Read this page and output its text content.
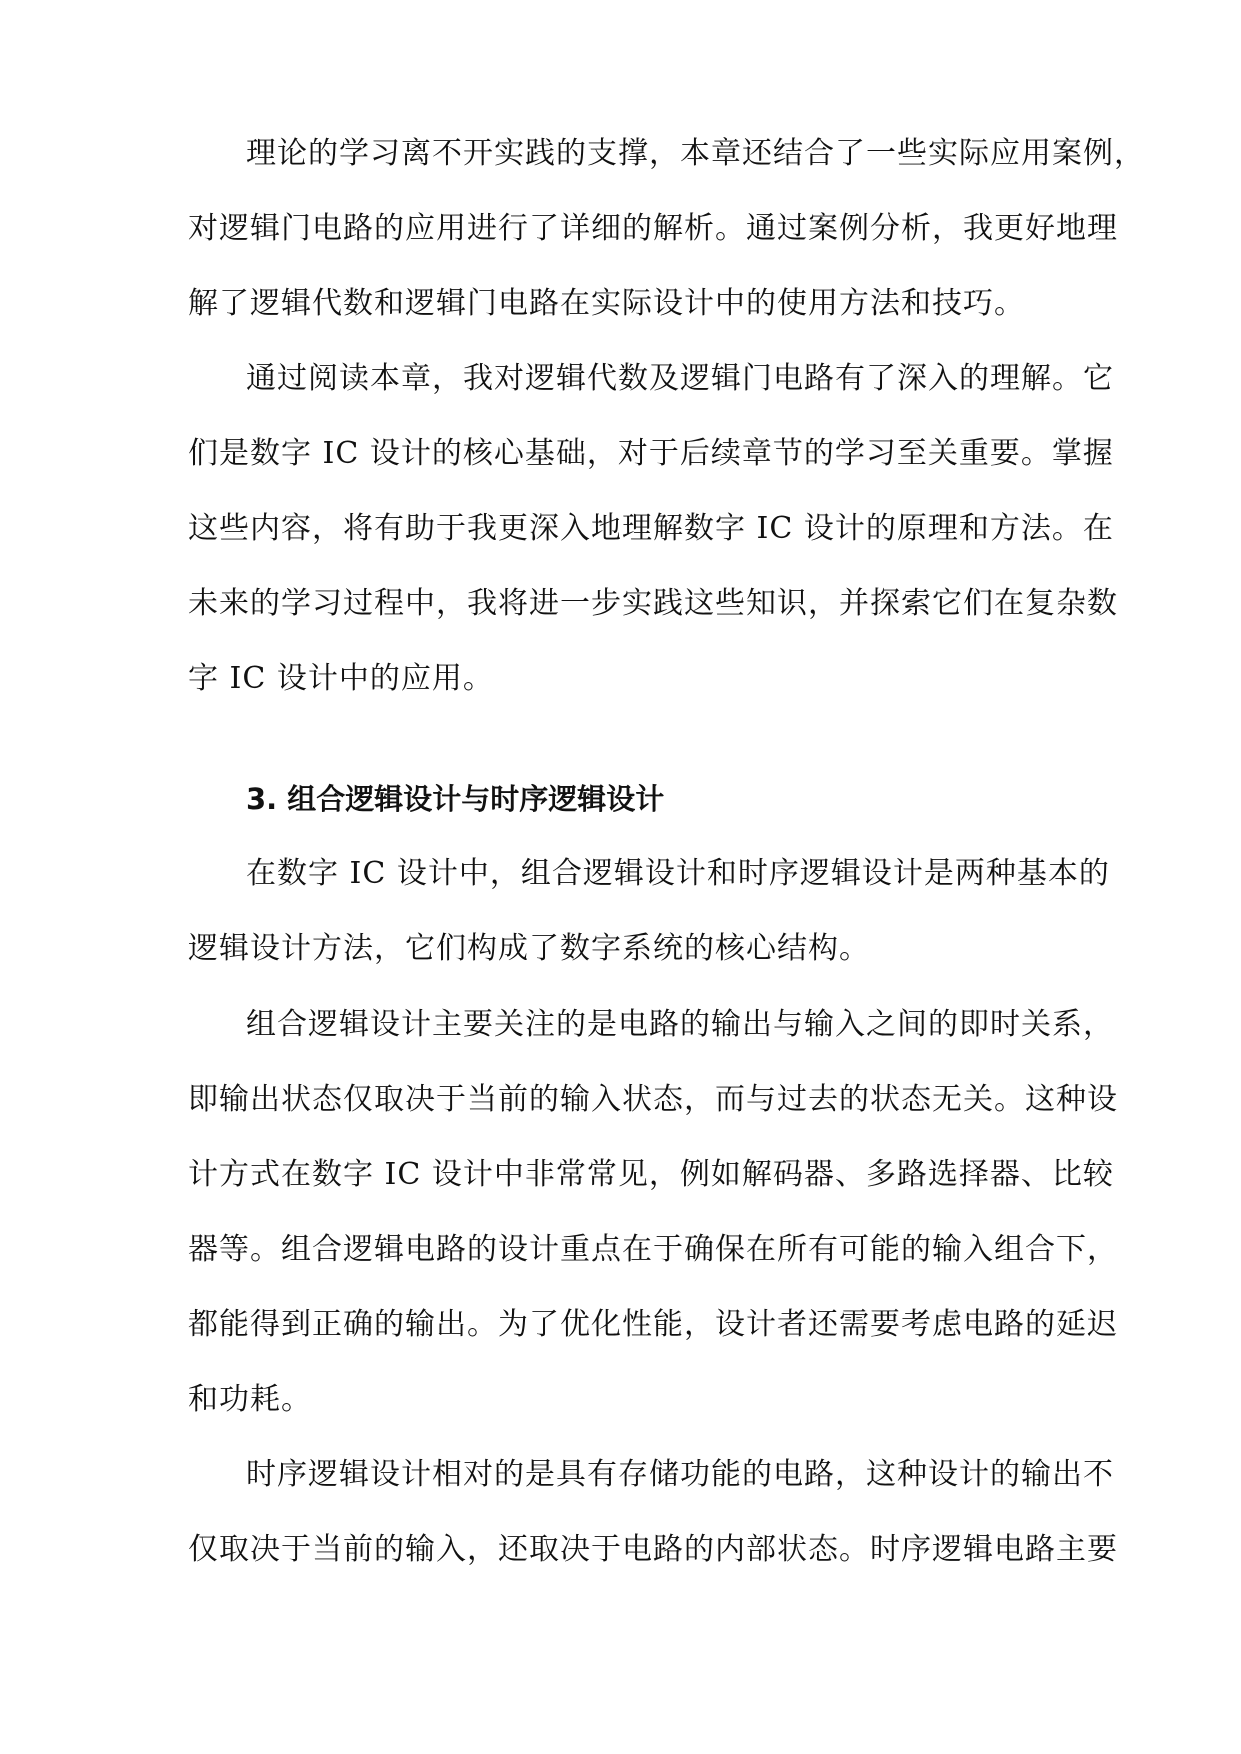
理论的学习离不开实践的支撑，本章还结合了一些实际应用案例，

对逻辑门电路的应用进行了详细的解析。通过案例分析，我更好地理

解了逻辑代数和逻辑门电路在实际设计中的使用方法和技巧。

通过阅读本章，我对逻辑代数及逻辑门电路有了深入的理解。它

们是数字 IC 设计的核心基础，对于后续章节的学习至关重要。掌握

这些内容，将有助于我更深入地理解数字 IC 设计的原理和方法。在

未来的学习过程中，我将进一步实践这些知识，并探索它们在复杂数

字 IC 设计中的应用。

3. 组合逻辑设计与时序逻辑设计

在数字 IC 设计中，组合逻辑设计和时序逻辑设计是两种基本的

逻辑设计方法，它们构成了数字系统的核心结构。

组合逻辑设计主要关注的是电路的输出与输入之间的即时关系，

即输出状态仅取决于当前的输入状态，而与过去的状态无关。这种设

计方式在数字 IC 设计中非常常见，例如解码器、多路选择器、比较

器等。组合逻辑电路的设计重点在于确保在所有可能的输入组合下，

都能得到正确的输出。为了优化性能，设计者还需要考虑电路的延迟

和功耗。

时序逻辑设计相对的是具有存储功能的电路，这种设计的输出不

仅取决于当前的输入，还取决于电路的内部状态。时序逻辑电路主要
